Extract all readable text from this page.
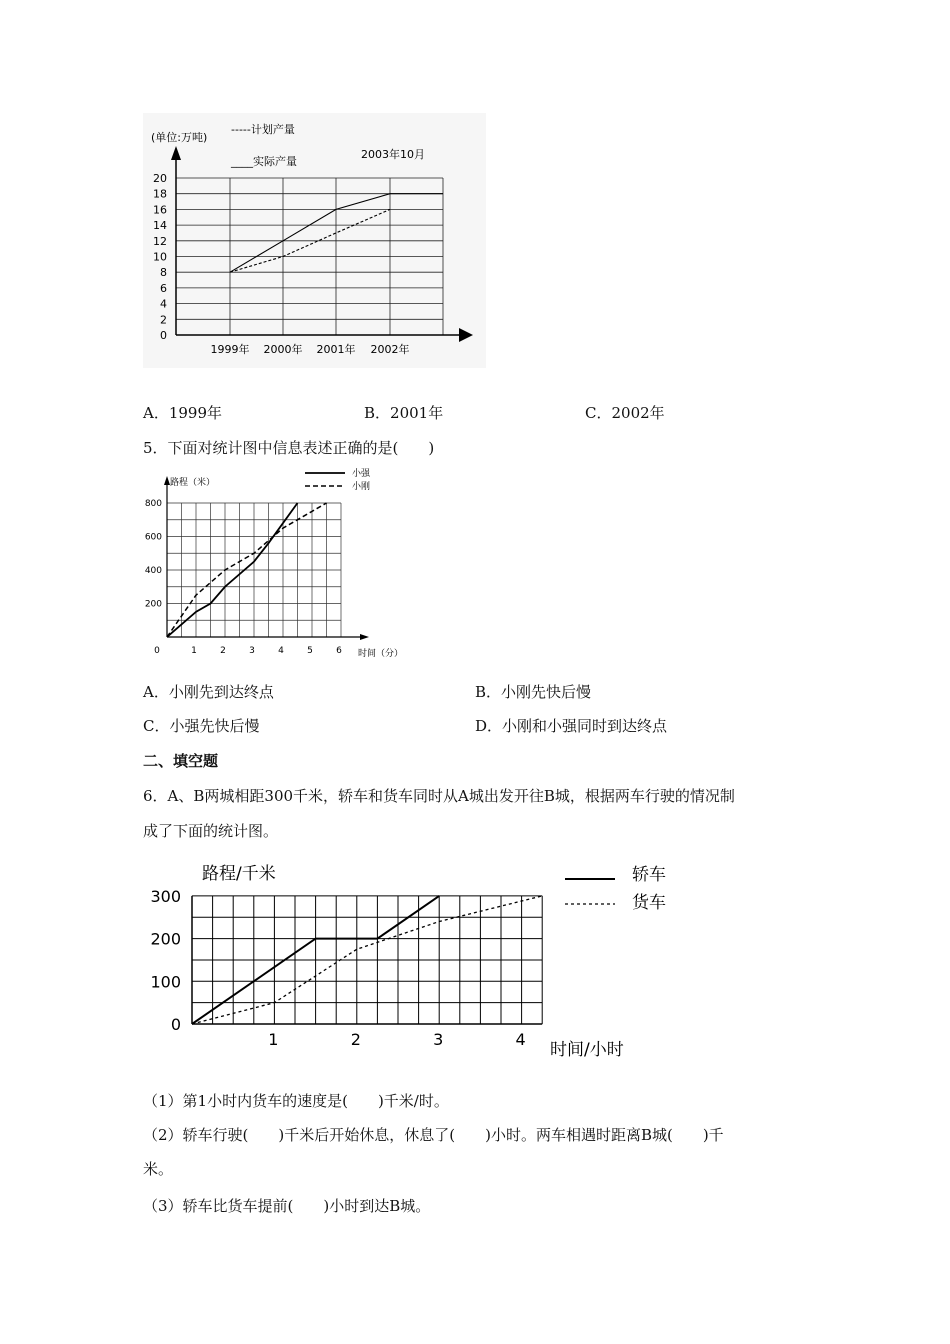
0
2
4
6
8
10
12
14
16
18
20
1999年 2000年 2001年 2002年
(单位:万吨)
-----计划产量
____实际产量
2003年10月
A．1999年	B．2001年	C．2002年
5．下面对统计图中信息表述正确的是(　　)
200
400
600
800
0	1	2	3	4	5	6
路程（米）
时间（分）
小强
小刚
A．小刚先到达终点	B．小刚先快后慢
C．小强先快后慢	D．小刚和小强同时到达终点
二、填空题
6．A、B两城相距300千米，轿车和货车同时从A城出发开往B城，根据两车行驶的情况制
成了下面的统计图。
0
100
200
300
1	2	3	4
路程/千米
时间/小时
轿车
货车
（1）第1小时内货车的速度是(　　)千米/时。
（2）轿车行驶(　　)千米后开始休息，休息了(　　)小时。两车相遇时距离B城(　　)千
米。
（3）轿车比货车提前(　　)小时到达B城。
